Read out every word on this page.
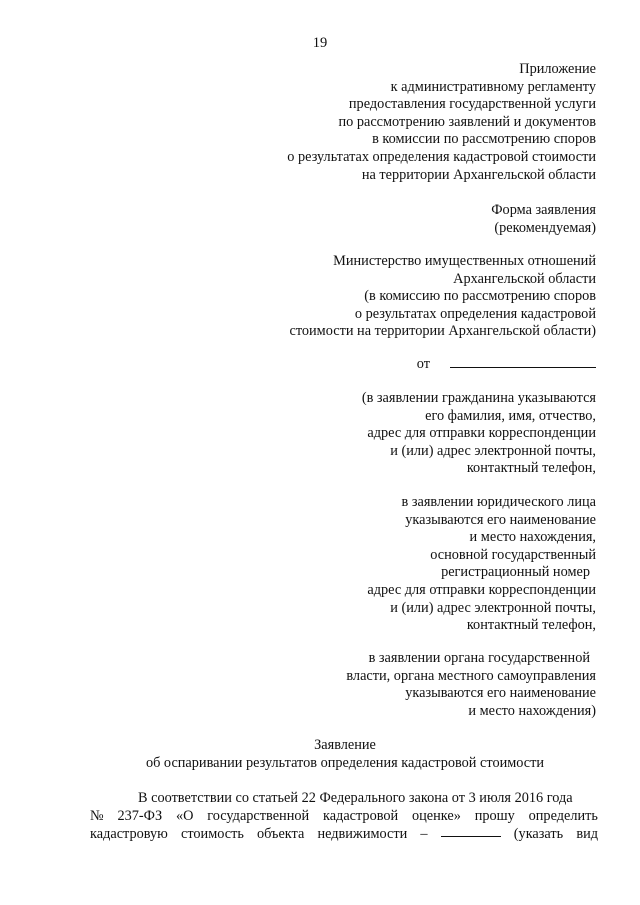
19
Приложение
к административному регламенту
предоставления государственной услуги
по рассмотрению заявлений и документов
в комиссии по рассмотрению споров
о результатах определения кадастровой стоимости
на территории Архангельской области
Форма заявления
(рекомендуемая)
Министерство имущественных отношений
Архангельской области
(в комиссию по рассмотрению споров
о результатах определения кадастровой
стоимости на территории Архангельской области)
от
(в заявлении гражданина указываются
его фамилия, имя, отчество,
адрес для отправки корреспонденции
и (или) адрес электронной почты,
контактный телефон,
в заявлении юридического лица
указываются его наименование
и место нахождения,
основной государственный
регистрационный номер
адрес для отправки корреспонденции
и (или) адрес электронной почты,
контактный телефон,
в заявлении органа государственной
власти, органа местного самоуправления
указываются его наименование
и место нахождения)
Заявление
об оспаривании результатов определения кадастровой стоимости
В соответствии со статьей 22 Федерального закона от 3 июля 2016 года
№ 237-ФЗ «О государственной кадастровой оценке» прошу определить
кадастровую стоимость объекта недвижимости –	(указать вид
